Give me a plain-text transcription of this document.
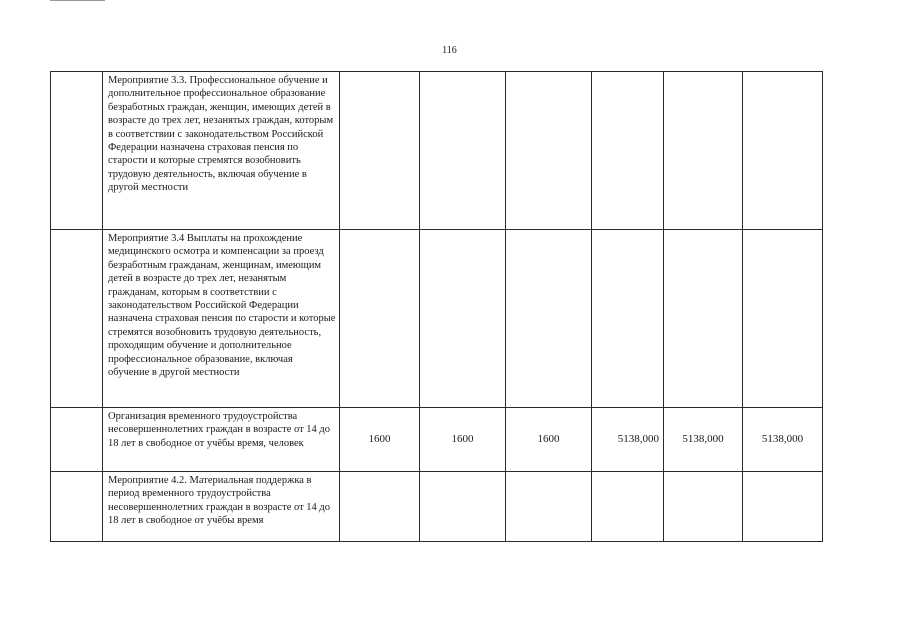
116
	Мероприятие 3.3. Профессиональное обучение и дополнительное профессиональное образование безработных граждан, женщин, имеющих детей в возрасте до трех лет, незанятых граждан, которым в соответствии с законодательством Российской Федерации назначена страховая пенсия по старости и которые стремятся возобновить трудовую деятельность, включая обучение в другой местности						
	Мероприятие 3.4 Выплаты на прохождение медицинского осмотра и компенсации за проезд безработным гражданам, женщинам, имеющим детей в возрасте до трех лет, незанятым гражданам, которым в соответствии с законодательством Российской Федерации назначена страховая пенсия по старости и которые стремятся возобновить трудовую деятельность, проходящим обучение и дополнительное профессиональное образование, включая обучение в другой местности						
	Организация временного трудоустройства несовершеннолетних граждан в возрасте от 14 до 18 лет в свободное от учёбы время, человек	1600	1600	1600	5138,000	5138,000	5138,000
	Мероприятие 4.2. Материальная поддержка в период временного трудоустройства несовершеннолетних граждан в возрасте от 14 до 18 лет в свободное от учёбы время						
